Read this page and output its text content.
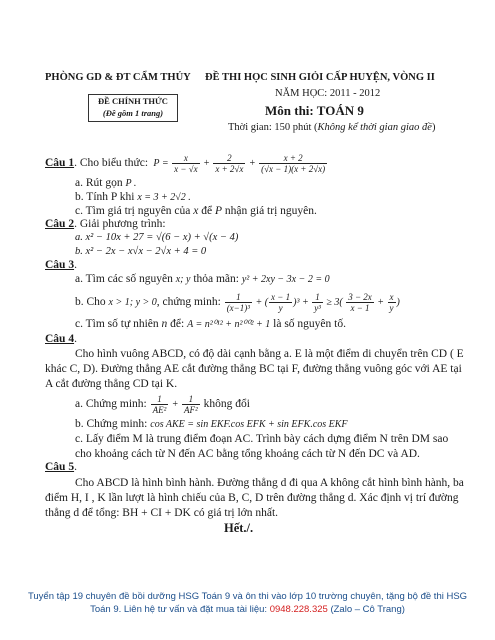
PHÒNG GD & ĐT CẨM THỦY ĐỀ THI HỌC SINH GIỎI CẤP HUYỆN, VÒNG II
ĐỀ CHÍNH THỨC
(Đề gồm 1 trang)
NĂM HỌC: 2011 - 2012
Môn thi: TOÁN 9
Thời gian: 150 phút (Không kể thời gian giao đề)
Câu 1. Cho biểu thức:  $P = \frac{x}{x - √x} + \frac{2}{x + 2√x} + \frac{x + 2}{(√x - 1)(x + 2√x)}$
a. Rút gọn P .
b. Tính P khi x = 3 + 2√2 .
c. Tìm giá trị nguyên của x để P nhận giá trị nguyên.
Câu 2. Giải phương trình:
a. x² − 10x + 27 = √(6 − x) + √(x − 4)
b. x² − 2x − x√x − 2√x + 4 = 0
Câu 3.
a. Tìm các số nguyên x; y thỏa mãn: y² + 2xy − 3x − 2 = 0
b. Cho x > 1; y > 0, chứng minh: $\frac{1}{\text{(x−1)³}}$ + ( $\frac{x - 1}{y} )^3 + \frac{1}{\text{y³}} \ge 3( \frac{3 - 2x}{x - 1} + \frac{x}{y}$ )
c. Tìm số tự nhiên n để: A = n²⁰¹² + n²⁰⁰² + 1 là số nguyên tố.
Câu 4.
Cho hình vuông ABCD, có độ dài cạnh bằng a. E là một điểm di chuyển trên CD ( E khác C, D). Đường thẳng AE cắt đường thẳng BC tại F, đường thẳng vuông góc với AE tại A cắt đường thẳng CD tại K.
a. Chứng minh: $\frac{1}{\text{AE²}} + \frac{1}{\text{AF²}}$ không đổi
b. Chứng minh: cos AKE = sin EKF.cos EFK + sin EFK.cos EKF
c. Lấy điểm M là trung điểm đoạn AC. Trình bày cách dựng điểm N trên DM sao cho khoảng cách từ N đến AC bằng tổng khoảng cách từ N đến DC và AD.
Câu 5.
Cho ABCD là hình bình hành. Đường thẳng d đi qua A không cắt hình bình hành, ba điểm H, I , K lần lượt là hình chiếu của B, C, D trên đường thẳng d. Xác định vị trí đường thẳng d để tổng: BH + CI + DK có giá trị lớn nhất.
Hết./.
Tuyển tập 19 chuyên đề bồi dưỡng HSG Toán 9 và ôn thi vào lớp 10 trường chuyên, tặng bộ đề thi HSG
Toán 9. Liên hệ tư vấn và đặt mua tài liệu: 0948.228.325 (Zalo – Cô Trang)
